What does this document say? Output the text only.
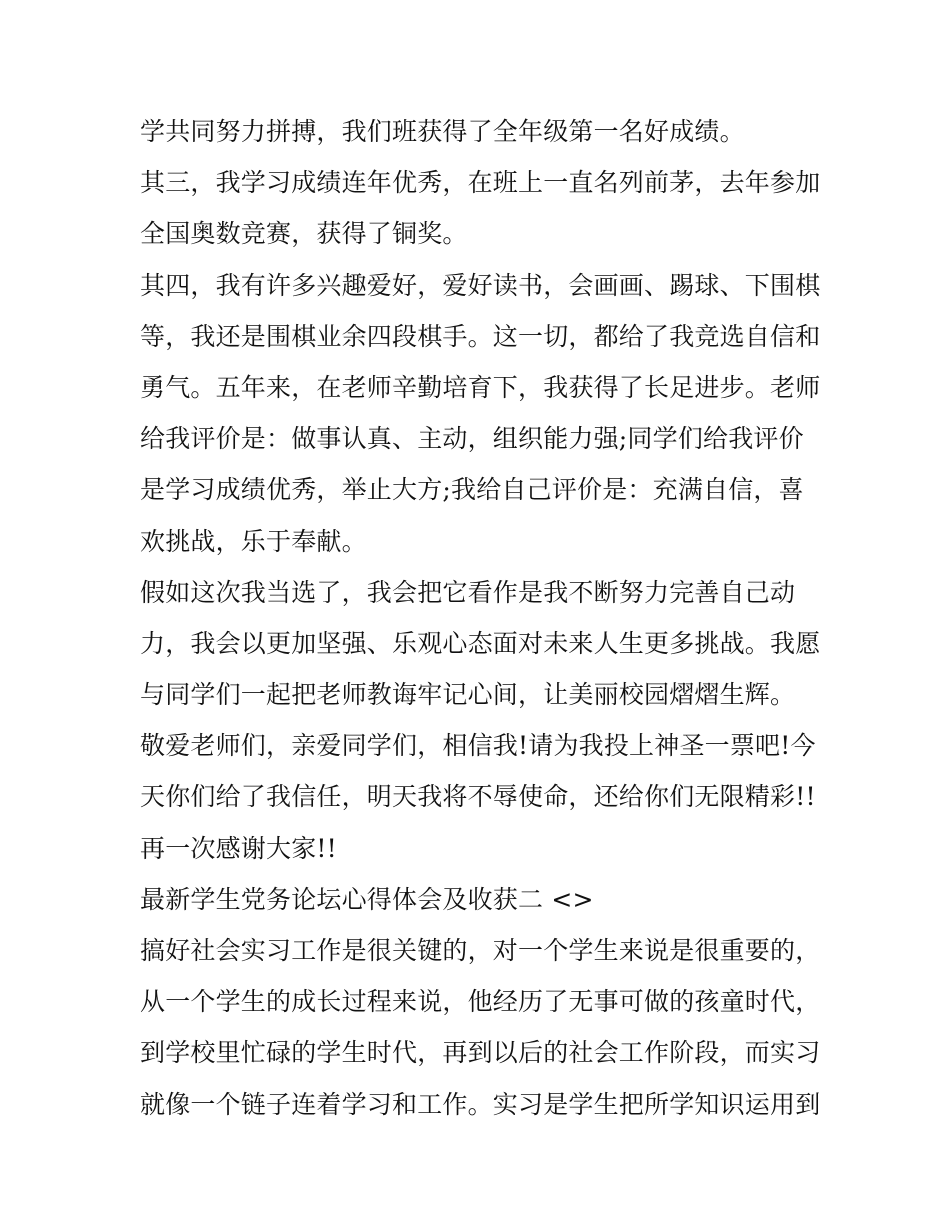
学共同努力拼搏，我们班获得了全年级第一名好成绩。
其三，我学习成绩连年优秀，在班上一直名列前茅，去年参加
全国奥数竞赛，获得了铜奖。
其四，我有许多兴趣爱好，爱好读书，会画画、踢球、下围棋
等，我还是围棋业余四段棋手。这一切，都给了我竞选自信和
勇气。五年来，在老师辛勤培育下，我获得了长足进步。老师
给我评价是：做事认真、主动，组织能力强;同学们给我评价
是学习成绩优秀，举止大方;我给自己评价是：充满自信，喜
欢挑战，乐于奉献。
假如这次我当选了，我会把它看作是我不断努力完善自己动
力，我会以更加坚强、乐观心态面对未来人生更多挑战。我愿
与同学们一起把老师教诲牢记心间，让美丽校园熠熠生辉。
敬爱老师们，亲爱同学们，相信我!请为我投上神圣一票吧!今
天你们给了我信任，明天我将不辱使命，还给你们无限精彩!!
再一次感谢大家!!
最新学生党务论坛心得体会及收获二 <>
搞好社会实习工作是很关键的，对一个学生来说是很重要的，
从一个学生的成长过程来说，他经历了无事可做的孩童时代，
到学校里忙碌的学生时代，再到以后的社会工作阶段，而实习
就像一个链子连着学习和工作。实习是学生把所学知识运用到
